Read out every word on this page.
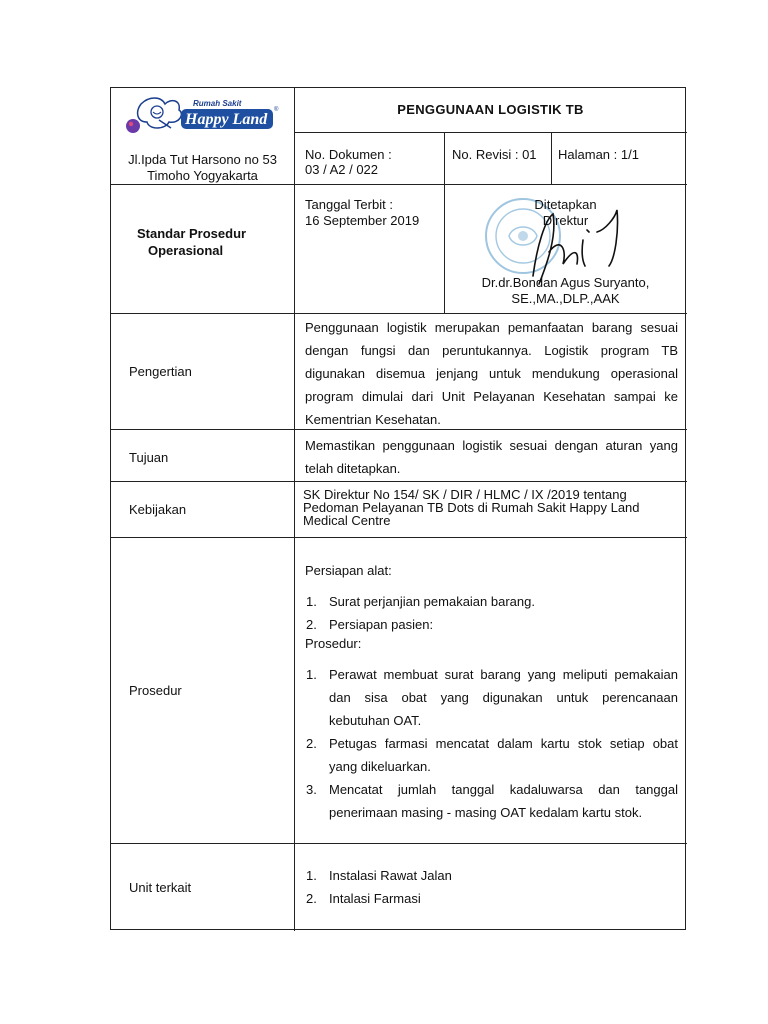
Rumah Sakit
Happy Land
®	PENGGUNAAN LOGISTIK TB
Jl.Ipda Tut Harsono no 53
Timoho Yogyakarta
No. Dokumen :
03 / A2 / 022
No. Revisi : 01	Halaman : 1/1
Standar Prosedur
Operasional
Tanggal Terbit :
16 September 2019
Ditetapkan
Direktur
Dr.dr.Bondan Agus Suryanto,
SE.,MA.,DLP.,AAK
Pengertian
Penggunaan logistik merupakan pemanfaatan barang sesuai dengan fungsi dan peruntukannya. Logistik program TB digunakan disemua jenjang untuk mendukung operasional program dimulai dari Unit Pelayanan Kesehatan sampai ke Kementrian Kesehatan.
Tujuan
Memastikan penggunaan logistik sesuai dengan aturan yang telah ditetapkan.
Kebijakan
SK Direktur No 154/ SK / DIR / HLMC / IX /2019 tentang Pedoman Pelayanan TB Dots di Rumah Sakit Happy Land Medical Centre
Prosedur
Persiapan alat:
1. Surat perjanjian pemakaian barang.
2. Persiapan pasien:
Prosedur:
1. Perawat membuat surat barang yang meliputi pemakaian dan sisa obat yang digunakan untuk perencanaan kebutuhan OAT.
2. Petugas farmasi mencatat dalam kartu stok setiap obat yang dikeluarkan.
3. Mencatat jumlah tanggal kadaluwarsa dan tanggal penerimaan masing - masing OAT kedalam kartu stok.
Unit terkait
1. Instalasi Rawat Jalan
2. Intalasi Farmasi
